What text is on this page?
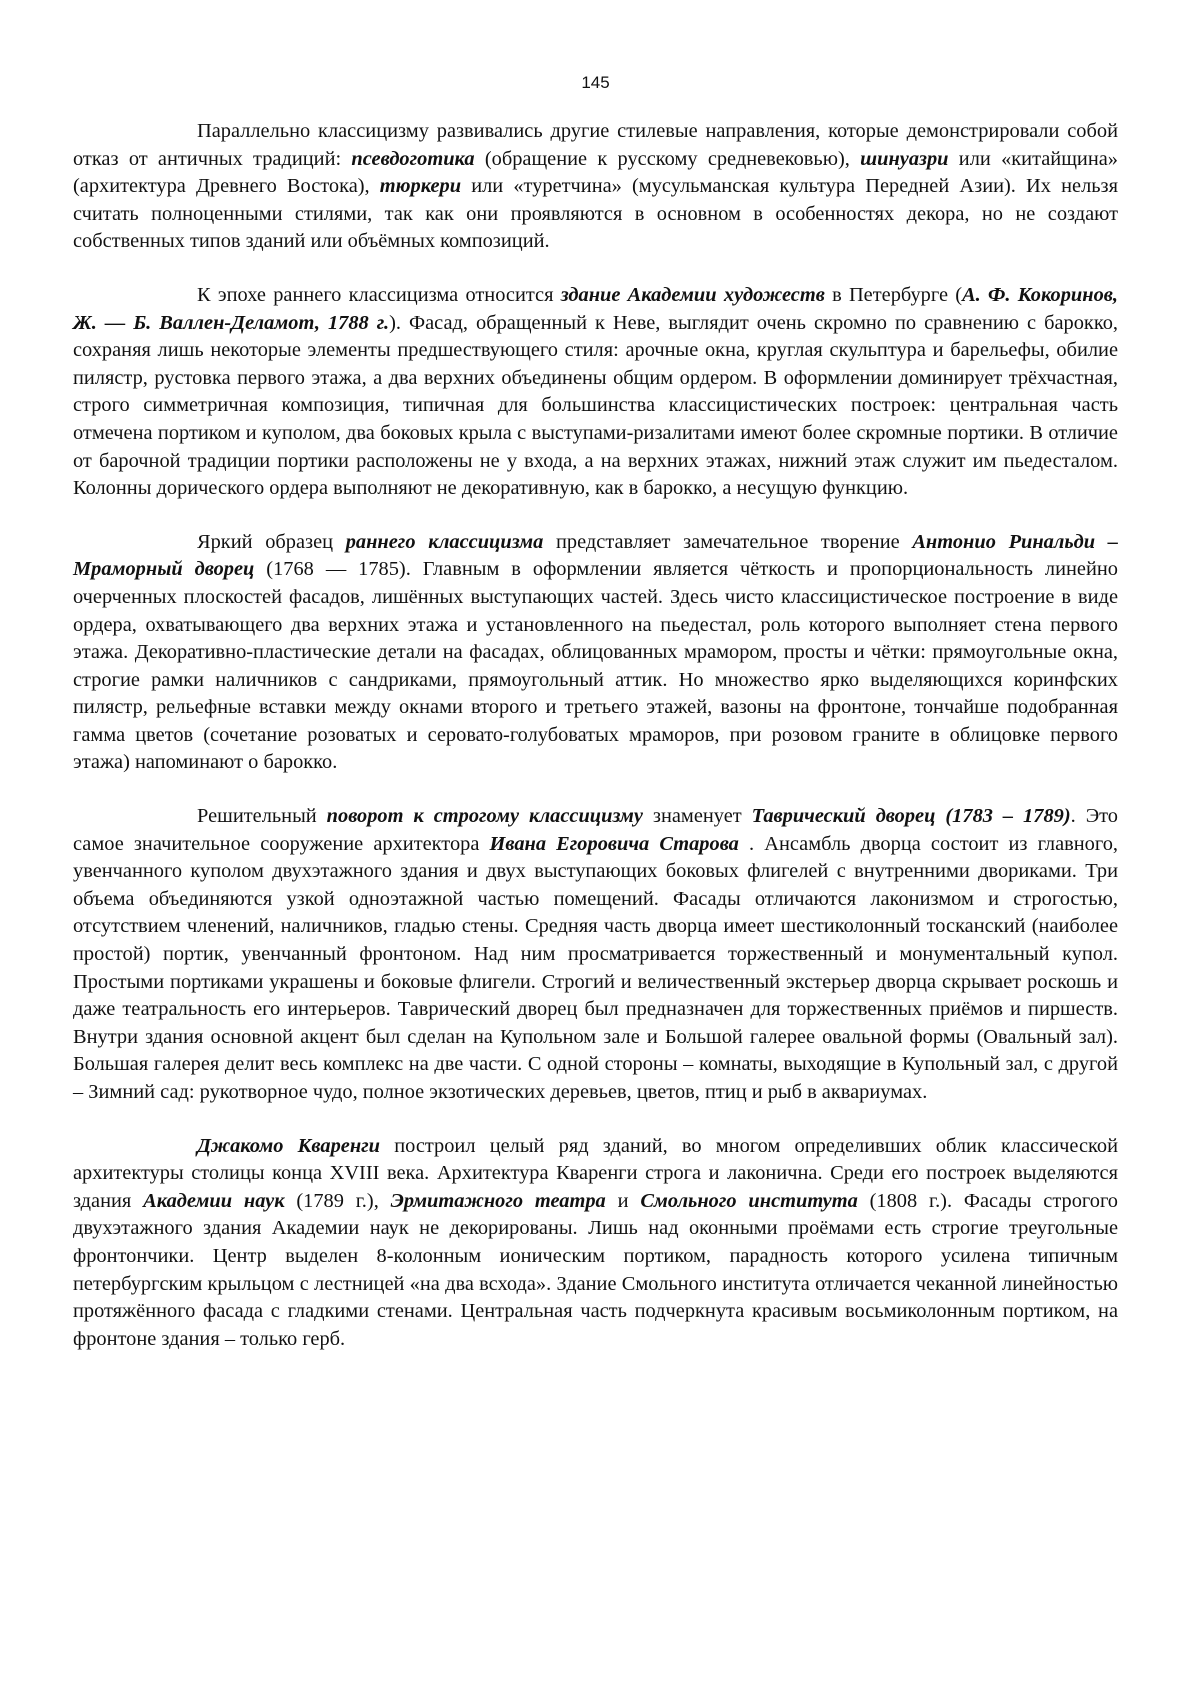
145

Параллельно классицизму развивались другие стилевые направления, которые демонстрировали собой отказ от античных традиций: псевдоготика (обращение к русскому средневековью), шинуазри или «китайщина» (архитектура Древнего Востока), тюркери или «туретчина» (мусульманская культура Передней Азии). Их нельзя считать полноценными стилями, так как они проявляются в основном в особенностях декора, но не создают собственных типов зданий или объёмных композиций.

К эпохе раннего классицизма относится здание Академии художеств в Петербурге (А. Ф. Кокоринов, Ж. — Б. Валлен-Деламот, 1788 г.). Фасад, обращенный к Неве, выглядит очень скромно по сравнению с барокко, сохраняя лишь некоторые элементы предшествующего стиля: арочные окна, круглая скульптура и барельефы, обилие пилястр, рустовка первого этажа, а два верхних объединены общим ордером. В оформлении доминирует трёхчастная, строго симметричная композиция, типичная для большинства классицистических построек: центральная часть отмечена портиком и куполом, два боковых крыла с выступами-ризалитами имеют более скромные портики. В отличие от барочной традиции портики расположены не у входа, а на верхних этажах, нижний этаж служит им пьедесталом. Колонны дорического ордера выполняют не декоративную, как в барокко, а несущую функцию.

Яркий образец раннего классицизма представляет замечательное творение Антонио Ринальди – Мраморный дворец (1768 — 1785). Главным в оформлении является чёткость и пропорциональность линейно очерченных плоскостей фасадов, лишённых выступающих частей. Здесь чисто классицистическое построение в виде ордера, охватывающего два верхних этажа и установленного на пьедестал, роль которого выполняет стена первого этажа. Декоративно-пластические детали на фасадах, облицованных мрамором, просты и чётки: прямоугольные окна, строгие рамки наличников с сандриками, прямоугольный аттик. Но множество ярко выделяющихся коринфских пилястр, рельефные вставки между окнами второго и третьего этажей, вазоны на фронтоне, тончайше подобранная гамма цветов (сочетание розоватых и серовато-голубоватых мраморов, при розовом граните в облицовке первого этажа) напоминают о барокко.

Решительный поворот к строгому классицизму знаменует Таврический дворец (1783 – 1789). Это самое значительное сооружение архитектора Ивана Егоровича Старова . Ансамбль дворца состоит из главного, увенчанного куполом двухэтажного здания и двух выступающих боковых флигелей с внутренними двориками. Три объема объединяются узкой одноэтажной частью помещений. Фасады отличаются лаконизмом и строгостью, отсутствием членений, наличников, гладью стены. Средняя часть дворца имеет шестиколонный тосканский (наиболее простой) портик, увенчанный фронтоном. Над ним просматривается торжественный и монументальный купол. Простыми портиками украшены и боковые флигели. Строгий и величественный экстерьер дворца скрывает роскошь и даже театральность его интерьеров. Таврический дворец был предназначен для торжественных приёмов и пиршеств. Внутри здания основной акцент был сделан на Купольном зале и Большой галерее овальной формы (Овальный зал). Большая галерея делит весь комплекс на две части. С одной стороны – комнаты, выходящие в Купольный зал, с другой – Зимний сад: рукотворное чудо, полное экзотических деревьев, цветов, птиц и рыб в аквариумах.

Джакомо Кваренги построил целый ряд зданий, во многом определивших облик классической архитектуры столицы конца XVIII века. Архитектура Кваренги строга и лаконична. Среди его построек выделяются здания Академии наук (1789 г.), Эрмитажного театра и Смольного института (1808 г.). Фасады строгого двухэтажного здания Академии наук не декорированы. Лишь над оконными проёмами есть строгие треугольные фронтончики. Центр выделен 8-колонным ионическим портиком, парадность которого усилена типичным петербургским крыльцом с лестницей «на два всхода». Здание Смольного института отличается чеканной линейностью протяжённого фасада с гладкими стенами. Центральная часть подчеркнута красивым восьмиколонным портиком, на фронтоне здания – только герб.
